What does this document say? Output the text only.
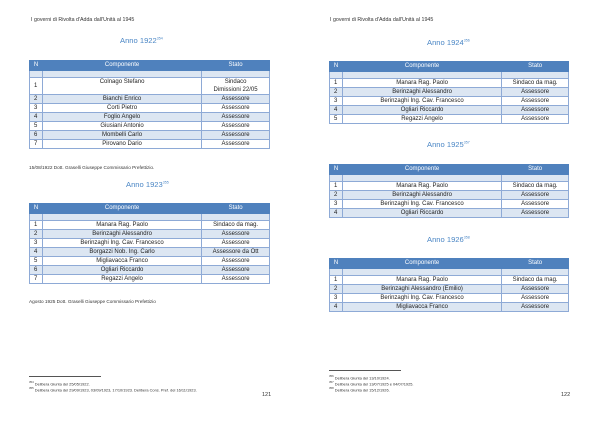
I governi di Rivolta d'Adda dall'Unità al 1945
Anno 1922$^{354}$
N	Componente	Stato

1	Colnago Stefano	Sindaco
Dimissioni 22/05

2	Bianchi Enrico	Assessore
3	Corti Pietro	Assessore
4	Foglio Angelo	Assessore
5	Giusiani Antonio	Assessore
6	Mombelli Carlo	Assessore
7	Pirovano Dario	Assessore
15/08/1922 Dott. Graselli Giuseppe Commissario Prefettizio.
Anno 1923$^{355}$
N	Componente	Stato

1	Manara Rag. Paolo	Sindaco da mag.
2	Berinzaghi Alessandro	Assessore
3	Berinzaghi Ing. Cav. Francesco	Assessore
4	Borgazzi Nob. Ing. Carlo	Assessore da Ott
5	Migliavacca Franco	Assessore
6	Ogliari Riccardo	Assessore
7	Regazzi Angelo	Assessore
Agosto 1925 Dott. Graselli Giuseppe Commissario Prefettizio
$^{354}$ Delibera Giunta del 25/05/1922.
$^{355}$ Delibera Giunta del 29/09/1923, 03/09/1923, 17/10/1923. Delibera Cons. Pref. del 16/11/1923.
121
I governi di Rivolta d'Adda dall'Unità al 1945
Anno 1924$^{356}$
N	Componente	Stato

1	Manara Rag. Paolo	Sindaco da mag.
2	Berinzaghi Alessandro	Assessore
3	Berinzaghi Ing. Cav. Francesco	Assessore
4	Ogliari Riccardo	Assessore
5	Regazzi Angelo	Assessore
Anno 1925$^{357}$
N	Componente	Stato

1	Manara Rag. Paolo	Sindaco da mag.
2	Berinzaghi Alessandro	Assessore
3	Berinzaghi Ing. Cav. Francesco	Assessore
4	Ogliari Riccardo	Assessore
Anno 1926$^{358}$
N	Componente	Stato

1	Manara Rag. Paolo	Sindaco da mag.
2	Berinzaghi Alessandro (Emilio)	Assessore
3	Berinzaghi Ing. Cav. Francesco	Assessore
4	Migliavacca Franco	Assessore
$^{356}$ Delibera Giunta del 13/10/1924.
$^{357}$ Delibera Giunta del 13/07/1925 e 04/07/1925.
$^{358}$ Delibera Giunta del 15/12/1926.
122
